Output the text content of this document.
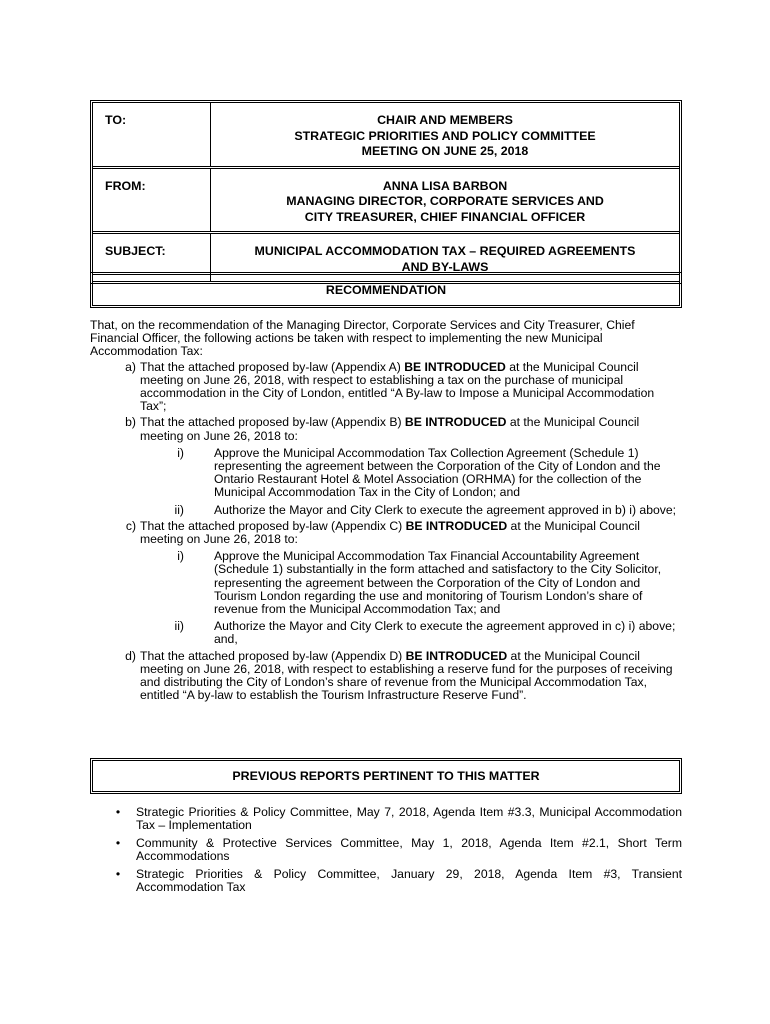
TO:	CHAIR AND MEMBERS
STRATEGIC PRIORITIES AND POLICY COMMITTEE
MEETING ON JUNE 25, 2018
FROM:	ANNA LISA BARBON
MANAGING DIRECTOR, CORPORATE SERVICES AND
CITY TREASURER, CHIEF FINANCIAL OFFICER
SUBJECT:	MUNICIPAL ACCOMMODATION TAX – REQUIRED AGREEMENTS
AND BY-LAWS
RECOMMENDATION

That, on the recommendation of the Managing Director, Corporate Services and City Treasurer, Chief Financial Officer, the following actions be taken with respect to implementing the new Municipal Accommodation Tax:

a) That the attached proposed by-law (Appendix A) BE INTRODUCED at the Municipal Council meeting on June 26, 2018, with respect to establishing a tax on the purchase of municipal accommodation in the City of London, entitled “A By-law to Impose a Municipal Accommodation Tax”;
b) That the attached proposed by-law (Appendix B) BE INTRODUCED at the Municipal Council meeting on June 26, 2018 to:
i)	Approve the Municipal Accommodation Tax Collection Agreement (Schedule 1) representing the agreement between the Corporation of the City of London and the Ontario Restaurant Hotel & Motel Association (ORHMA) for the collection of the Municipal Accommodation Tax in the City of London; and
ii)	Authorize the Mayor and City Clerk to execute the agreement approved in b) i) above;
c) That the attached proposed by-law (Appendix C) BE INTRODUCED at the Municipal Council meeting on June 26, 2018 to:
i)	Approve the Municipal Accommodation Tax Financial Accountability Agreement (Schedule 1) substantially in the form attached and satisfactory to the City Solicitor, representing the agreement between the Corporation of the City of London and Tourism London regarding the use and monitoring of Tourism London’s share of revenue from the Municipal Accommodation Tax; and
ii)	Authorize the Mayor and City Clerk to execute the agreement approved in c) i) above; and,
d) That the attached proposed by-law (Appendix D) BE INTRODUCED at the Municipal Council meeting on June 26, 2018, with respect to establishing a reserve fund for the purposes of receiving and distributing the City of London’s share of revenue from the Municipal Accommodation Tax, entitled “A by-law to establish the Tourism Infrastructure Reserve Fund”.
PREVIOUS REPORTS PERTINENT TO THIS MATTER
•	Strategic Priorities & Policy Committee, May 7, 2018, Agenda Item #3.3, Municipal Accommodation Tax – Implementation
•	Community & Protective Services Committee, May 1, 2018, Agenda Item #2.1, Short Term Accommodations
•	Strategic Priorities & Policy Committee, January 29, 2018, Agenda Item #3, Transient Accommodation Tax
